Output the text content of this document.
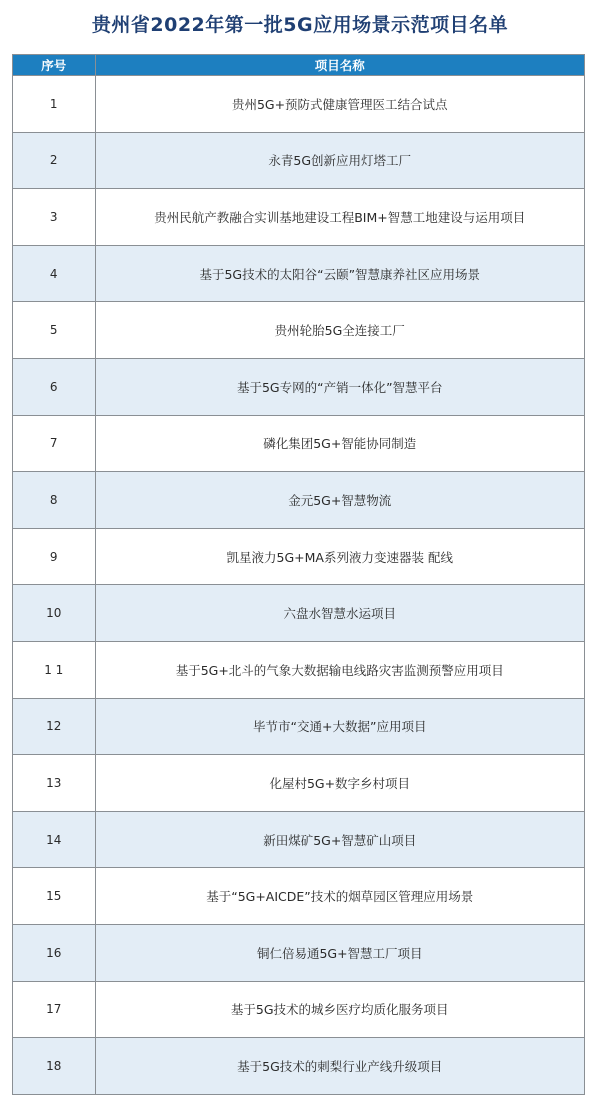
贵州省2022年第一批5G应用场景示范项目名单
序号	项目名称
1	贵州5G+预防式健康管理医工结合试点
2	永青5G创新应用灯塔工厂
3	贵州民航产教融合实训基地建设工程BIM+智慧工地建设与运用项目
4	基于5G技术的太阳谷“云颐”智慧康养社区应用场景
5	贵州轮胎5G全连接工厂
6	基于5G专网的“产销一体化”智慧平台
7	磷化集团5G+智能协同制造
8	金元5G+智慧物流
9	凯星液力5G+MA系列液力变速器装 配线
10	六盘水智慧水运项目
1 1	基于5G+北斗的气象大数据输电线路灾害监测预警应用项目
12	毕节市“交通+大数据”应用项目
13	化屋村5G+数字乡村项目
14	新田煤矿5G+智慧矿山项目
15	基于“5G+AICDE”技术的烟草园区管理应用场景
16	铜仁倍易通5G+智慧工厂项目
17	基于5G技术的城乡医疗均质化服务项目
18	基于5G技术的刺梨行业产线升级项目
